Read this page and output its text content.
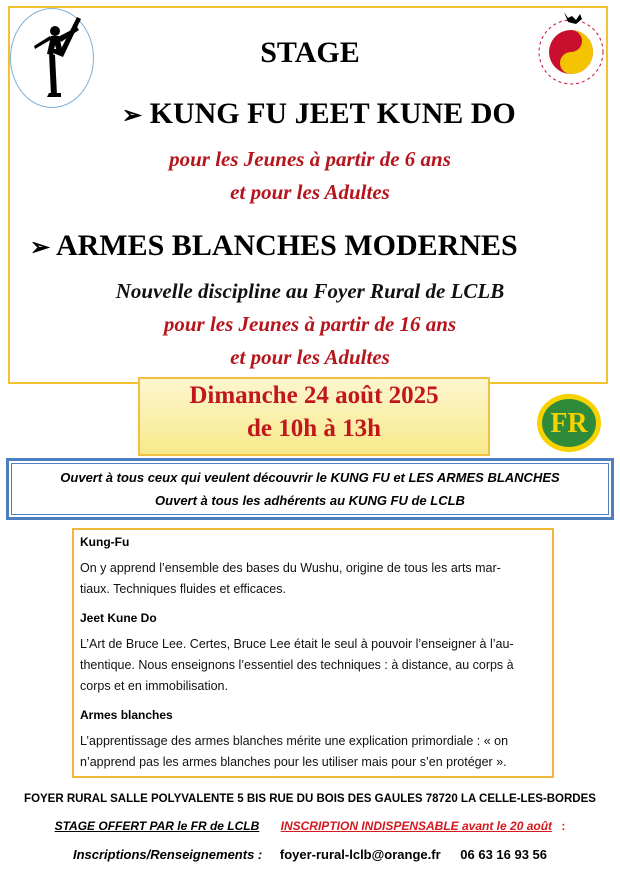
STAGE
➢ KUNG FU JEET KUNE DO
pour les Jeunes à partir de 6 ans
et pour les Adultes
➢ ARMES BLANCHES MODERNES
Nouvelle discipline au Foyer Rural de LCLB
pour les Jeunes à partir de 16 ans
et pour les Adultes
Dimanche 24 août 2025
de 10h à 13h	FR
Ouvert à tous ceux qui veulent découvrir le KUNG FU et LES ARMES BLANCHES
Ouvert à tous les adhérents au KUNG FU de LCLB
Kung-Fu
On y apprend l’ensemble des bases du Wushu, origine de tous les arts mar-
tiaux. Techniques fluides et efficaces.
Jeet Kune Do
L’Art de Bruce Lee. Certes, Bruce Lee était le seul à pouvoir l’enseigner à l’au-
thentique. Nous enseignons l’essentiel des techniques : à distance, au corps à
corps et en immobilisation.
Armes blanches
L’apprentissage des armes blanches mérite une explication primordiale : « on
n’apprend pas les armes blanches pour les utiliser mais pour s’en protéger ».
FOYER RURAL SALLE POLYVALENTE 5 BIS RUE DU BOIS DES GAULES 78720 LA CELLE-LES-BORDES
STAGE OFFERT PAR le FR de LCLB INSCRIPTION INDISPENSABLE avant le 20 août :
Inscriptions/Renseignements : foyer-rural-lclb@orange.fr 06 63 16 93 56
